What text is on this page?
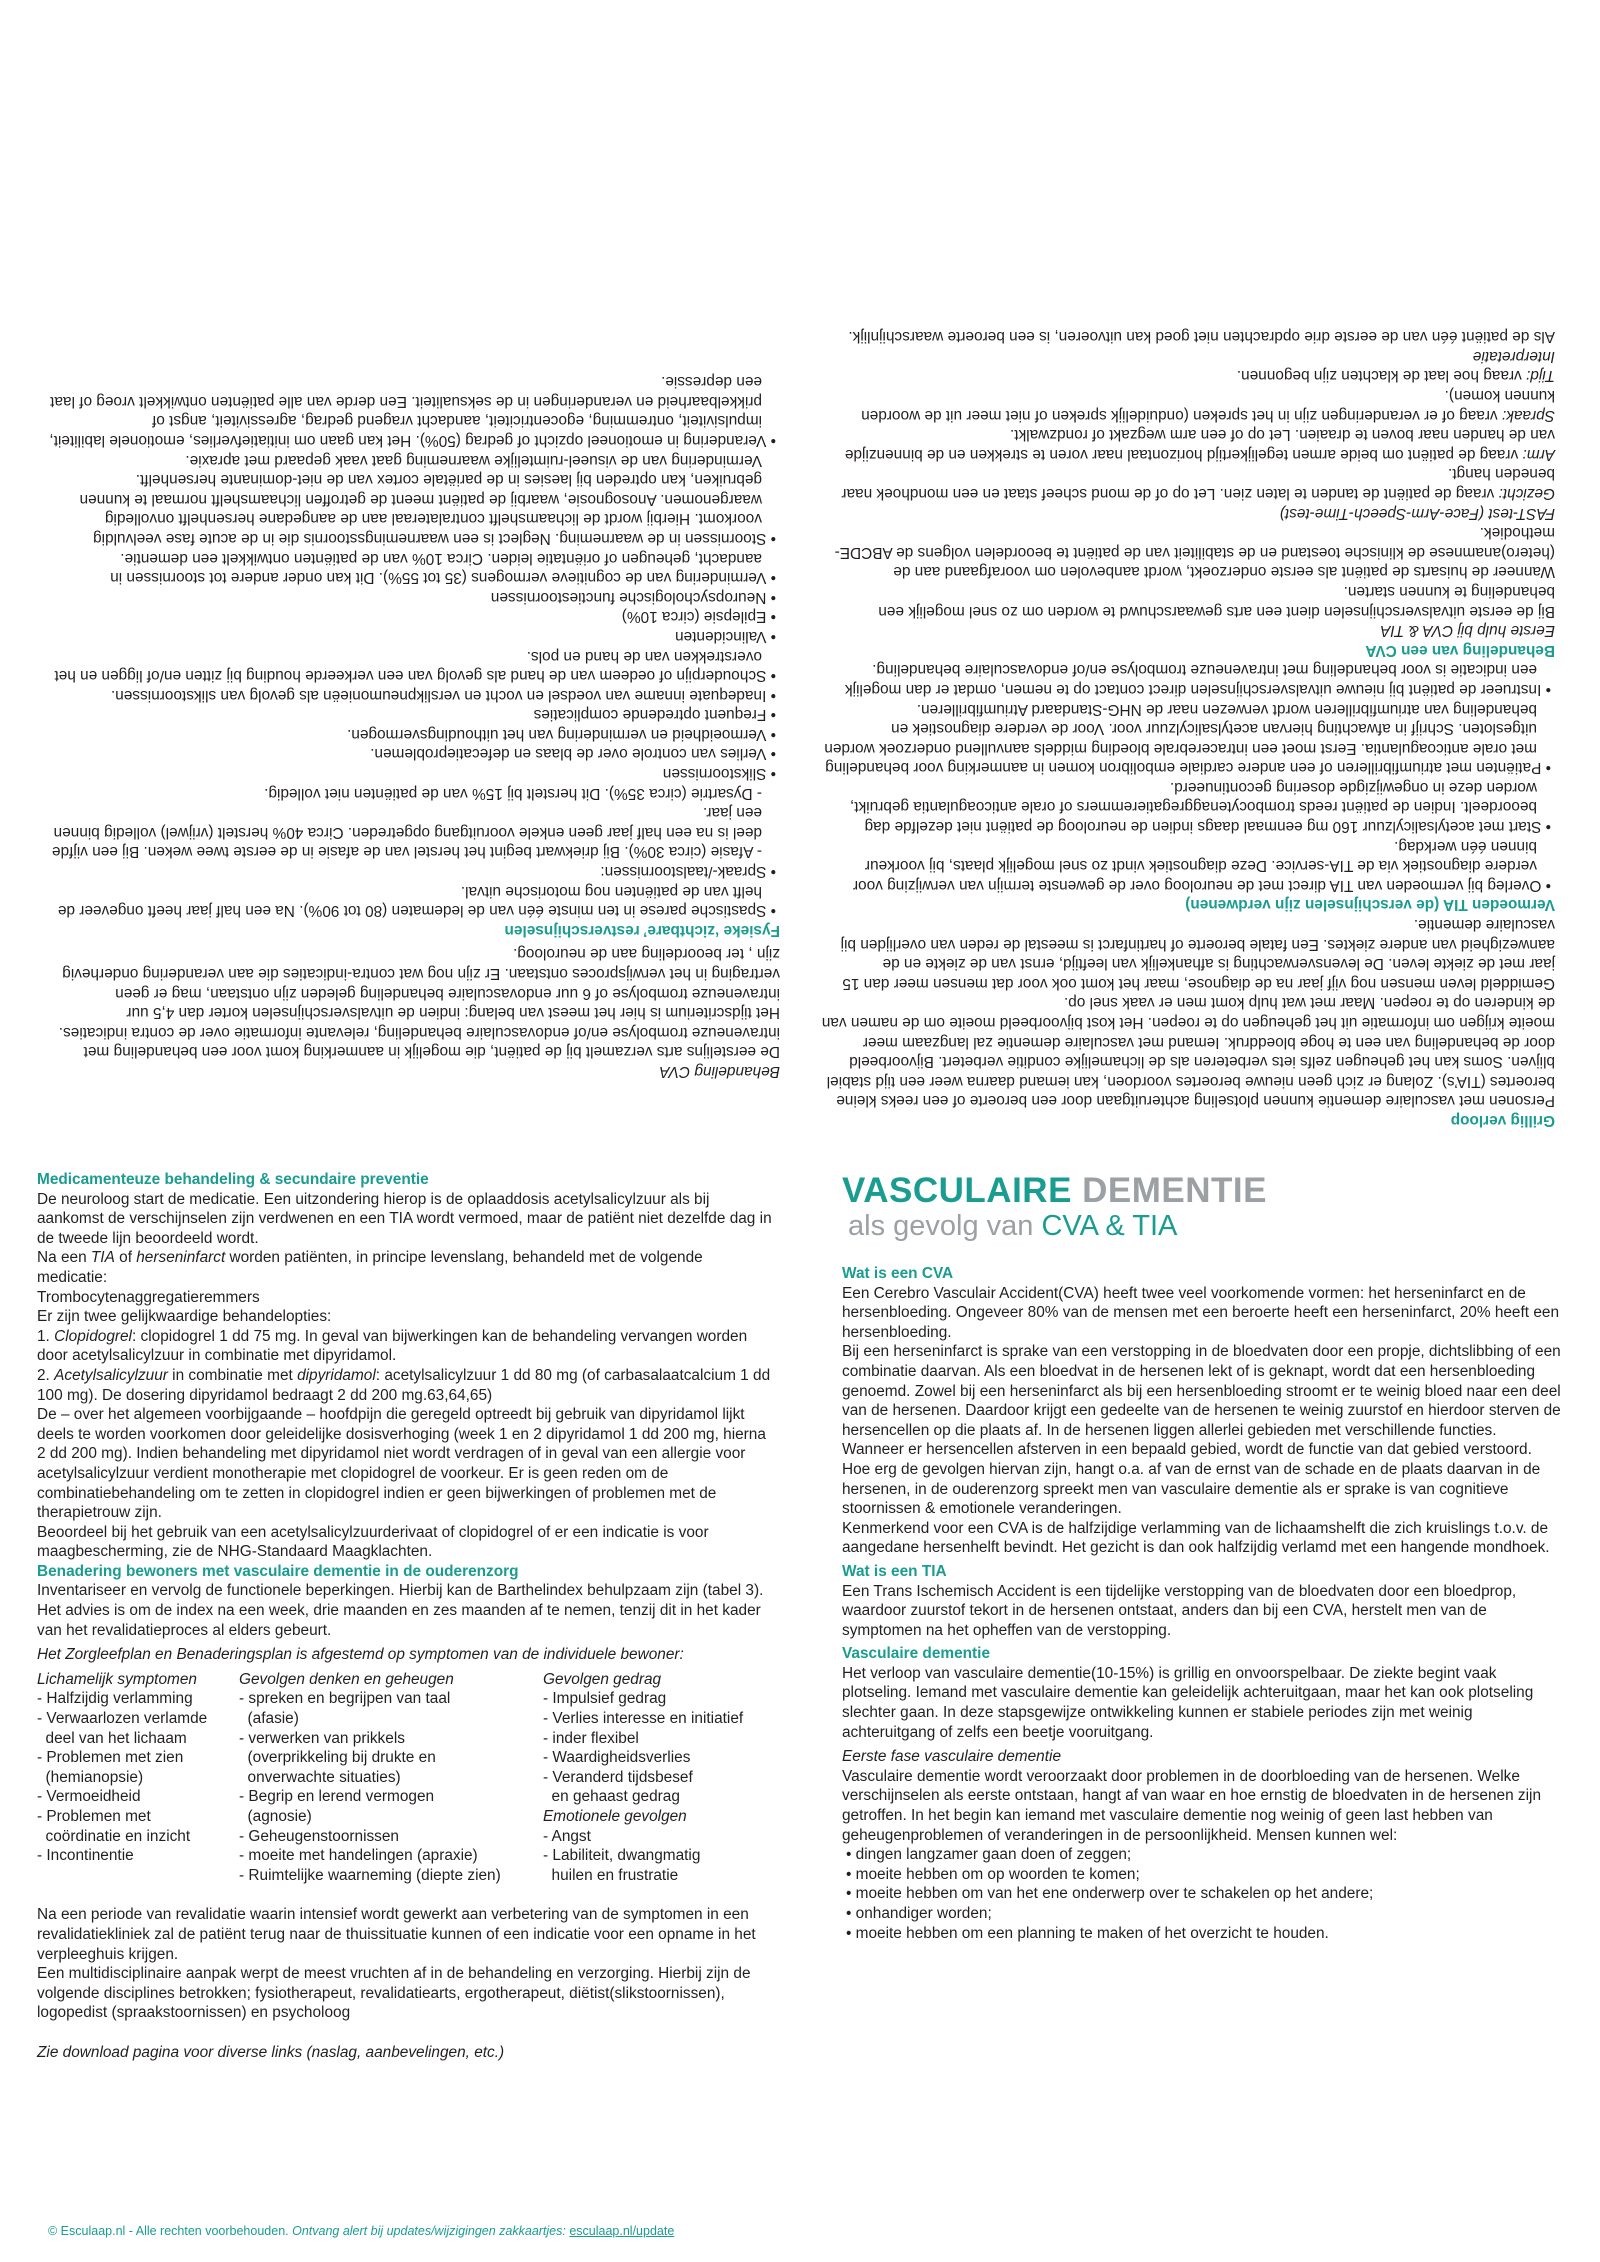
Behandeling CVA

De eerstelijns arts verzamelt bij de patiënt, die mogelijk in aanmerking komt voor een behandeling met intraveneuze trombolyse en/of endovasculaire behandeling, relevante informatie over de contra indicaties. Het tijdscriterium is hier het meest van belang: indien de uitvalsverschijnselen korter dan 4,5 uur intraveneuze trombolyse of 6 uur endovasculaire behandeling geleden zijn ontstaan, mag er geen vertraging in het verwijsproces ontstaan. Er zijn nog wat contra-indicaties die aan verandering onderhevig zijn , ter beoordeling aan de neuroloog.

Fysieke ‘zichtbare’ restverschijnselen

• Spastische parese in ten minste één van de ledematen (80 tot 90%). Na een half jaar heeft ongeveer de helft van de patiënten nog motorische uitval.
• Spraak-/taalstoornissen:
- Afasie (circa 30%). Bij driekwart begint het herstel van de afasie in de eerste twee weken. Bij een vijfde deel is na een half jaar geen enkele vooruitgang opgetreden. Circa 40% herstelt (vrijwel) volledig binnen een jaar.
- Dysartrie (circa 35%). Dit herstelt bij 15% van de patiënten niet volledig.
• Slikstoornissen
• Verlies van controle over de blaas en defecatieproblemen.
• Vermoeidheid en vermindering van het uithoudingsvermogen.
• Frequent optredende complicaties
• Inadequate inname van voedsel en vocht en verslikpneumonieën als gevolg van slikstoornissen.
• Schouderpijn of oedeem van de hand als gevolg van een verkeerde houding bij zitten en/of liggen en het overstrekken van de hand en pols.
• Valincidenten
• Epilepsie (circa 10%)
• Neuropsychologische functiestoornissen
• Vermindering van de cognitieve vermogens (35 tot 55%). Dit kan onder andere tot stoornissen in aandacht, geheugen of oriëntatie leiden. Circa 10% van de patiënten ontwikkelt een dementie.
• Stoornissen in de waarneming. Neglect is een waarnemingsstoornis die in de acute fase veelvuldig voorkomt. Hierbij wordt de lichaamshelft contralateraal aan de aangedane hersenhelft onvolledig waargenomen. Anosognosie, waarbij de patiënt meent de getroffen lichaamshelft normaal te kunnen gebruiken, kan optreden bij laesies in de pariëtale cortex van de niet-dominante hersenhelft. Vermindering van de visueel-ruimtelijke waarneming gaat vaak gepaard met apraxie.
• Verandering in emotioneel opzicht of gedrag (50%). Het kan gaan om initiatiefverlies, emotionele labiliteit, impulsiviteit, ontremming, egocentriciteit, aandacht vragend gedrag, agressiviteit, angst of prikkelbaarheid en veranderingen in de seksualiteit. Een derde van alle patiënten ontwikkelt vroeg of laat een depressie.

Grillig verloop

Personen met vasculaire dementie kunnen plotseling achteruitgaan door een beroerte of een reeks kleine beroertes (TIA’s). Zolang er zich geen nieuwe beroertes voordoen, kan iemand daarna weer een tijd stabiel blijven. Soms kan het geheugen zelfs iets verbeteren als de lichamelijke conditie verbetert. Bijvoorbeeld door de behandeling van een te hoge bloeddruk. Iemand met vasculaire dementie zal langzaam meer moeite krijgen om informatie uit het geheugen op te roepen. Het kost bijvoorbeeld moeite om de namen van de kinderen op te roepen. Maar met wat hulp komt men er vaak snel op.

Gemiddeld leven mensen nog vijf jaar na de diagnose, maar het komt ook voor dat mensen meer dan 15 jaar met de ziekte leven. De levensverwachting is afhankelijk van leeftijd, ernst van de ziekte en de aanwezigheid van andere ziektes. Een fatale beroerte of hartinfarct is meestal de reden van overlijden bij vasculaire dementie.

Vermoeden TIA (de verschijnselen zijn verdwenen)

• Overleg bij vermoeden van TIA direct met de neuroloog over de gewenste termijn van verwijzing voor verdere diagnostiek via de TIA-service. Deze diagnostiek vindt zo snel mogelijk plaats, bij voorkeur binnen één werkdag.
• Start met acetylsalicylzuur 160 mg eenmaal daags indien de neuroloog de patiënt niet dezelfde dag beoordeelt. Indien de patiënt reeds trombocytenaggregatieremmers of orale anticoagulantia gebruikt, worden deze in ongewijzigde dosering gecontinueerd.
• Patiënten met atriumfibrilleren of een andere cardiale embolibron komen in aanmerking voor behandeling met orale anticoagulantia. Eerst moet een intracerebrale bloeding middels aanvullend onderzoek worden uitgesloten. Schrijf in afwachting hiervan acetylsalicylzuur voor. Voor de verdere diagnostiek en behandeling van atriumfibrilleren wordt verwezen naar de NHG-Standaard Atriumfibrilleren.
• Instrueer de patiënt bij nieuwe uitvalsverschijnselen direct contact op te nemen, omdat er dan mogelijk een indicatie is voor behandeling met intraveneuze trombolyse en/of endovasculaire behandeling.

Behandeling van een CVA

Eerste hulp bij CVA & TIA

Bij de eerste uitvalsverschijnselen dient een arts gewaarschuwd te worden om zo snel mogelijk een behandeling te kunnen starten.

Wanneer de huisarts de patiënt als eerste onderzoekt, wordt aanbevolen om voorafgaand aan de (hetero)anamnese de klinische toestand en de stabiliteit van de patiënt te beoordelen volgens de ABCDE-methodiek.

FAST-test (Face-Arm-Speech-Time-test)

Gezicht: vraag de patiënt de tanden te laten zien. Let op of de mond scheef staat en een mondhoek naar beneden hangt.

Arm: vraag de patiënt om beide armen tegelijkertijd horizontaal naar voren te strekken en de binnenzijde van de handen naar boven te draaien. Let op of een arm wegzakt of rondzwalkt.

Spraak: vraag of er veranderingen zijn in het spreken (onduidelijk spreken of niet meer uit de woorden kunnen komen).

Tijd: vraag hoe laat de klachten zijn begonnen.

Interpretatie

Als de patiënt één van de eerste drie opdrachten niet goed kan uitvoeren, is een beroerte waarschijnlijk.

Medicamenteuze behandeling & secundaire preventie

De neuroloog start de medicatie. Een uitzondering hierop is de oplaaddosis acetylsalicylzuur als bij aankomst de verschijnselen zijn verdwenen en een TIA wordt vermoed, maar de patiënt niet dezelfde dag in de tweede lijn beoordeeld wordt.

Na een TIA of herseninfarct worden patiënten, in principe levenslang, behandeld met de volgende medicatie:

Trombocytenaggregatieremmers

Er zijn twee gelijkwaardige behandelopties:

1. Clopidogrel: clopidogrel 1 dd 75 mg. In geval van bijwerkingen kan de behandeling vervangen worden door acetylsalicylzuur in combinatie met dipyridamol.

2. Acetylsalicylzuur in combinatie met dipyridamol: acetylsalicylzuur 1 dd 80 mg (of carbasalaatcalcium 1 dd 100 mg). De dosering dipyridamol bedraagt 2 dd 200 mg.63,64,65)

De – over het algemeen voorbijgaande – hoofdpijn die geregeld optreedt bij gebruik van dipyridamol lijkt deels te worden voorkomen door geleidelijke dosisverhoging (week 1 en 2 dipyridamol 1 dd 200 mg, hierna 2 dd 200 mg). Indien behandeling met dipyridamol niet wordt verdragen of in geval van een allergie voor acetylsalicylzuur verdient monotherapie met clopidogrel de voorkeur. Er is geen reden om de combinatiebehandeling om te zetten in clopidogrel indien er geen bijwerkingen of problemen met de therapietrouw zijn.

Beoordeel bij het gebruik van een acetylsalicylzuurderivaat of clopidogrel of er een indicatie is voor maagbescherming, zie de NHG-Standaard Maagklachten.

Benadering bewoners met vasculaire dementie in de ouderenzorg

Inventariseer en vervolg de functionele beperkingen. Hierbij kan de Barthelindex behulpzaam zijn (tabel 3). Het advies is om de index na een week, drie maanden en zes maanden af te nemen, tenzij dit in het kader van het revalidatieproces al elders gebeurt.

Het Zorgleefplan en Benaderingsplan is afgestemd op symptomen van de individuele bewoner:

Lichamelijk symptomen

- Halfzijdig verlamming
- Verwaarlozen verlamde
deel van het lichaam
- Problemen met zien
(hemianopsie)
- Vermoeidheid
- Problemen met
coördinatie en inzicht
- Incontinentie

Gevolgen denken en geheugen

- spreken en begrijpen van taal
(afasie)
- verwerken van prikkels
(overprikkeling bij drukte en
onverwachte situaties)
- Begrip en lerend vermogen
(agnosie)
- Geheugenstoornissen
- moeite met handelingen (apraxie)
- Ruimtelijke waarneming (diepte zien)

Gevolgen gedrag

- Impulsief gedrag
- Verlies interesse en initiatief
- inder flexibel
- Waardigheidsverlies
- Veranderd tijdsbesef
en gehaast gedrag

Emotionele gevolgen

- Angst
- Labiliteit, dwangmatig
huilen en frustratie

Na een periode van revalidatie waarin intensief wordt gewerkt aan verbetering van de symptomen in een revalidatiekliniek zal de patiënt terug naar de thuissituatie kunnen of een indicatie voor een opname in het verpleeghuis krijgen.

Een multidisciplinaire aanpak werpt de meest vruchten af in de behandeling en verzorging. Hierbij zijn de volgende disciplines betrokken; fysiotherapeut, revalidatiearts, ergotherapeut, diëtist(slikstoornissen), logopedist (spraakstoornissen) en psycholoog

Zie download pagina voor diverse links (naslag, aanbevelingen, etc.)

VASCULAIRE DEMENTIE
als gevolg van CVA & TIA

Wat is een CVA

Een Cerebro Vasculair Accident(CVA) heeft twee veel voorkomende vormen: het herseninfarct en de hersenbloeding. Ongeveer 80% van de mensen met een beroerte heeft een herseninfarct, 20% heeft een hersenbloeding.

Bij een herseninfarct is sprake van een verstopping in de bloedvaten door een propje, dichtslibbing of een combinatie daarvan. Als een bloedvat in de hersenen lekt of is geknapt, wordt dat een hersenbloeding genoemd. Zowel bij een herseninfarct als bij een hersenbloeding stroomt er te weinig bloed naar een deel van de hersenen. Daardoor krijgt een gedeelte van de hersenen te weinig zuurstof en hierdoor sterven de hersencellen op die plaats af. In de hersenen liggen allerlei gebieden met verschillende functies. Wanneer er hersencellen afsterven in een bepaald gebied, wordt de functie van dat gebied verstoord. Hoe erg de gevolgen hiervan zijn, hangt o.a. af van de ernst van de schade en de plaats daarvan in de hersenen, in de ouderenzorg spreekt men van vasculaire dementie als er sprake is van cognitieve stoornissen & emotionele veranderingen.

Kenmerkend voor een CVA is de halfzijdige verlamming van de lichaamshelft die zich kruislings t.o.v. de aangedane hersenhelft bevindt. Het gezicht is dan ook halfzijdig verlamd met een hangende mondhoek.

Wat is een TIA

Een Trans Ischemisch Accident is een tijdelijke verstopping van de bloedvaten door een bloedprop, waardoor zuurstof tekort in de hersenen ontstaat, anders dan bij een CVA, herstelt men van de symptomen na het opheffen van de verstopping.

Vasculaire dementie

Het verloop van vasculaire dementie(10-15%) is grillig en onvoorspelbaar. De ziekte begint vaak plotseling. Iemand met vasculaire dementie kan geleidelijk achteruitgaan, maar het kan ook plotseling slechter gaan. In deze stapsgewijze ontwikkeling kunnen er stabiele periodes zijn met weinig achteruitgang of zelfs een beetje vooruitgang.

Eerste fase vasculaire dementie

Vasculaire dementie wordt veroorzaakt door problemen in de doorbloeding van de hersenen. Welke verschijnselen als eerste ontstaan, hangt af van waar en hoe ernstig de bloedvaten in de hersenen zijn getroffen. In het begin kan iemand met vasculaire dementie nog weinig of geen last hebben van geheugenproblemen of veranderingen in de persoonlijkheid. Mensen kunnen wel:

• dingen langzamer gaan doen of zeggen;
• moeite hebben om op woorden te komen;
• moeite hebben om van het ene onderwerp over te schakelen op het andere;
• onhandiger worden;
• moeite hebben om een planning te maken of het overzicht te houden.
© Esculaap.nl - Alle rechten voorbehouden. Ontvang alert bij updates/wijzigingen zakkaartjes: esculaap.nl/update
